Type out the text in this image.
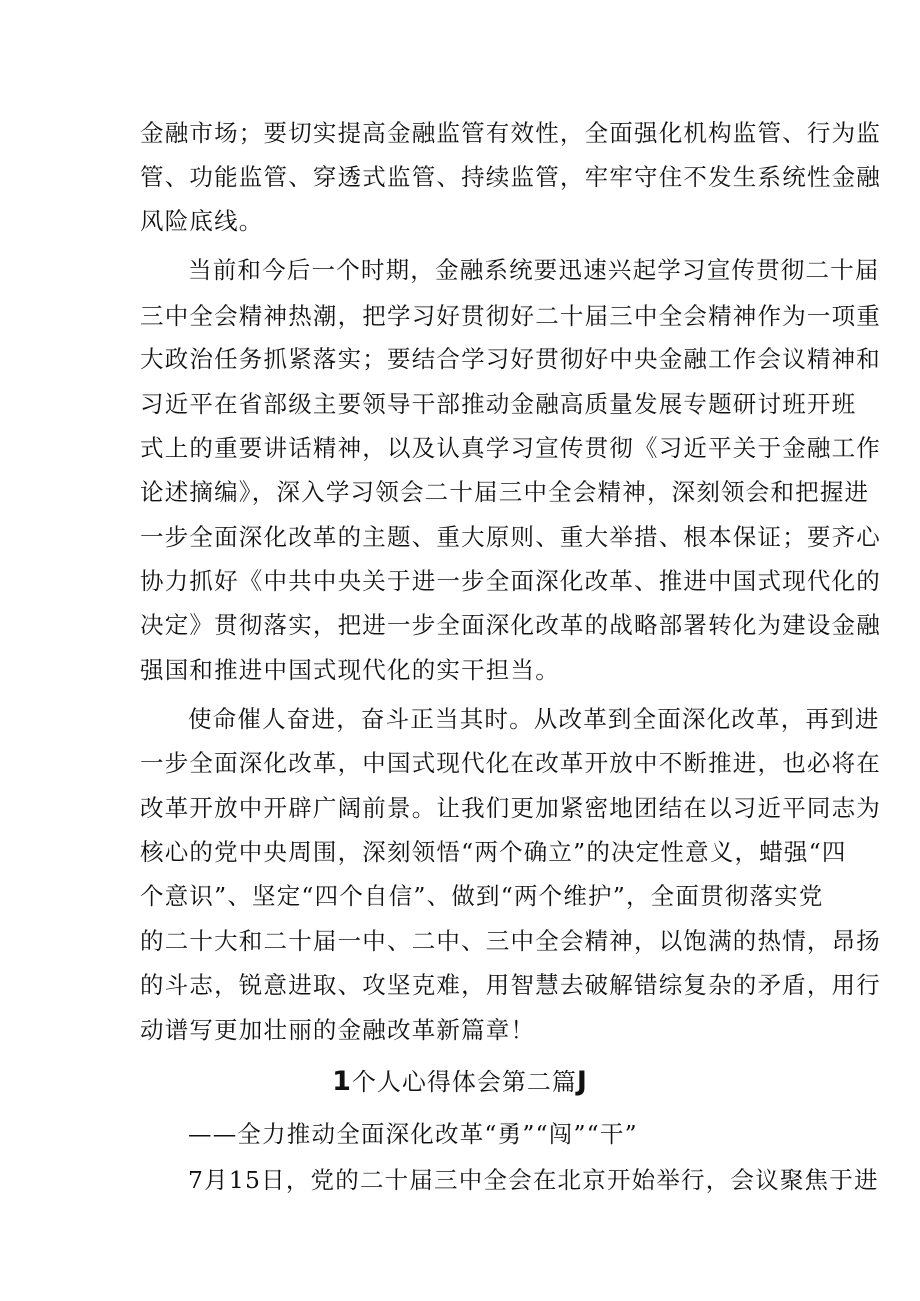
金融市场；要切实提高金融监管有效性，全面强化机构监管、行为监
管、功能监管、穿透式监管、持续监管，牢牢守住不发生系统性金融
风险底线。
当前和今后一个时期，金融系统要迅速兴起学习宣传贯彻二十届
三中全会精神热潮，把学习好贯彻好二十届三中全会精神作为一项重
大政治任务抓紧落实；要结合学习好贯彻好中央金融工作会议精神和
习近平在省部级主要领导干部推动金融高质量发展专题研讨班开班
式上的重要讲话精神，以及认真学习宣传贯彻《习近平关于金融工作
论述摘编》，深入学习领会二十届三中全会精神，深刻领会和把握进
一步全面深化改革的主题、重大原则、重大举措、根本保证；要齐心
协力抓好《中共中央关于进一步全面深化改革、推进中国式现代化的
决定》贯彻落实，把进一步全面深化改革的战略部署转化为建设金融
强国和推进中国式现代化的实干担当。
使命催人奋进，奋斗正当其时。从改革到全面深化改革，再到进
一步全面深化改革，中国式现代化在改革开放中不断推进，也必将在
改革开放中开辟广阔前景。让我们更加紧密地团结在以习近平同志为
核心的党中央周围，深刻领悟“两个确立”的决定性意义，蜡强“四
个意识”、坚定“四个自信”、做到“两个维护”，全面贯彻落实党
的二十大和二十届一中、二中、三中全会精神，以饱满的热情，昂扬
的斗志，锐意进取、攻坚克难，用智慧去破解错综复杂的矛盾，用行
动谱写更加壮丽的金融改革新篇章！
1个人心得体会第二篇J
——全力推动全面深化改革“勇”“闯”“干”
7月15日，党的二十届三中全会在北京开始举行，会议聚焦于进
